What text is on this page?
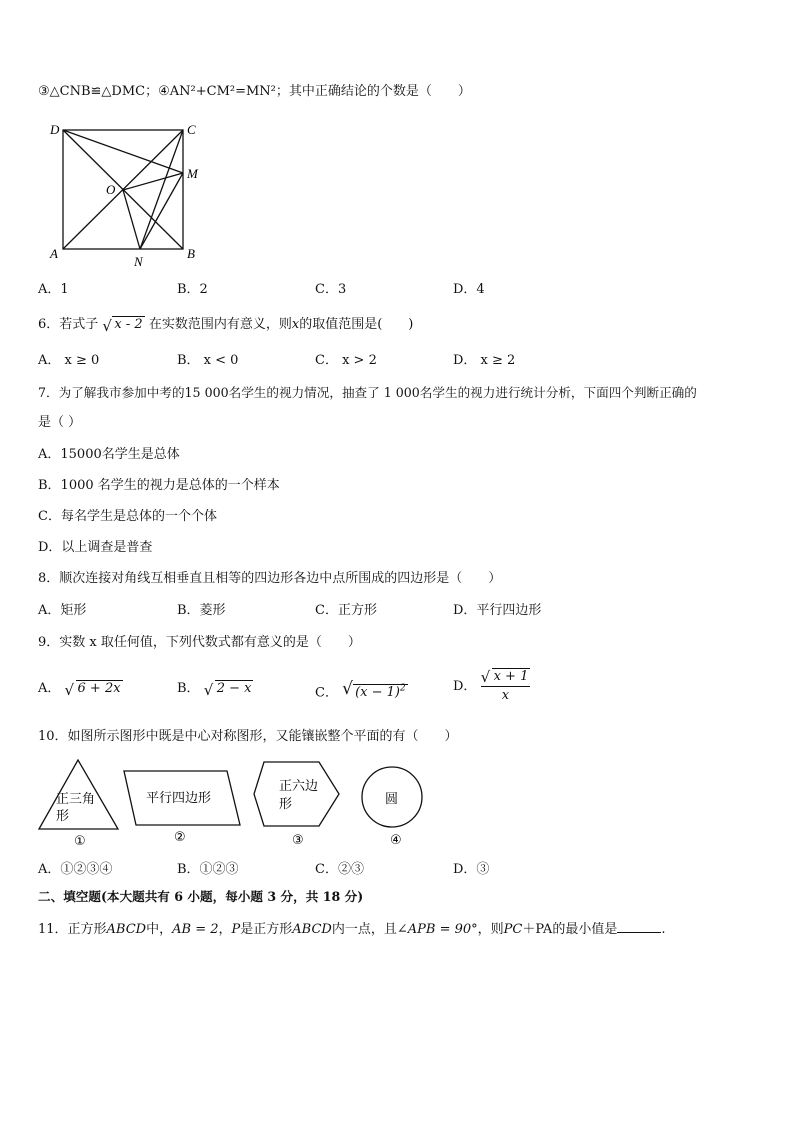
③△CNB≌△DMC；④AN²+CM²=MN²；其中正确结论的个数是（　　）
D	C
M
O
A	B
N
A．1	B．2	C．3	D．4
6．若式子 √ x - 2 在实数范围内有意义，则x的取值范围是(　　)
A． x ≥ 0	B． x < 0	C． x > 2	D． x ≥ 2
7．为了解我市参加中考的15 000名学生的视力情况，抽查了 1 000名学生的视力进行统计分析，下面四个判断正确的
是（ ）
A．15000名学生是总体
B．1000 名学生的视力是总体的一个样本
C．每名学生是总体的一个个体
D．以上调查是普查
8．顺次连接对角线互相垂直且相等的四边形各边中点所围成的四边形是（　　）
A．矩形	B．菱形	C．正方形	D．平行四边形
9．实数 x 取任何值，下列代数式都有意义的是（　　）
A． √ 6 + 2x	B． √ 2 − x	C． √ $(x - 1)^2$	D． $\frac{√ x + 1}{x}$
10．如图所示图形中既是中心对称图形，又能镶嵌整个平面的有（　　）
正三角
形
①
平行四边形
②
正六边
形
③
圆
④
A．①②③④	B．①②③	C．②③	D．③
二、填空题(本大题共有 6 小题，每小题 3 分，共 18 分)
11．正方形ABCD中，AB = 2，P是正方形ABCD内一点，且∠APB = 90°，则PC＋PA的最小值是	.
